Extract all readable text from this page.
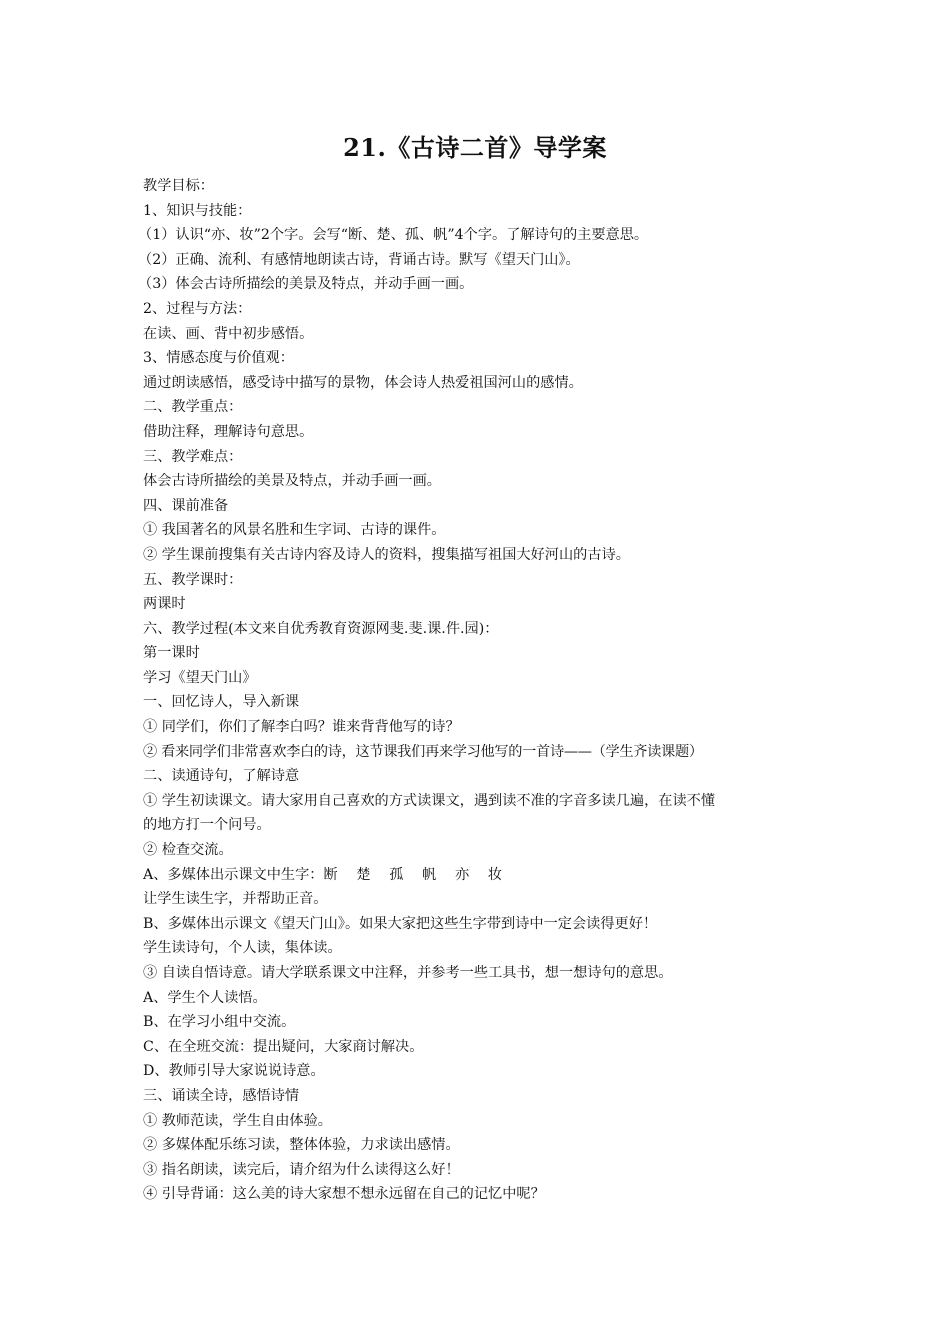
21.《古诗二首》导学案
教学目标：
1、知识与技能：
（1）认识“亦、妆”2个字。会写“断、楚、孤、帆”4个字。了解诗句的主要意思。
（2）正确、流利、有感情地朗读古诗，背诵古诗。默写《望天门山》。
（3）体会古诗所描绘的美景及特点，并动手画一画。
2、过程与方法：
在读、画、背中初步感悟。
3、情感态度与价值观：
通过朗读感悟，感受诗中描写的景物，体会诗人热爱祖国河山的感情。
二、教学重点：
借助注释，理解诗句意思。
三、教学难点：
体会古诗所描绘的美景及特点，并动手画一画。
四、课前准备
① 我国著名的风景名胜和生字词、古诗的课件。
② 学生课前搜集有关古诗内容及诗人的资料，搜集描写祖国大好河山的古诗。
五、教学课时：
两课时
六、教学过程(本文来自优秀教育资源网斐.斐.课.件.园)：
第一课时
学习《望天门山》
一、回忆诗人，导入新课
① 同学们，你们了解李白吗？谁来背背他写的诗？
② 看来同学们非常喜欢李白的诗，这节课我们再来学习他写的一首诗——（学生齐读课题）
二、读通诗句，了解诗意
① 学生初读课文。请大家用自己喜欢的方式读课文，遇到读不准的字音多读几遍，在读不懂
的地方打一个问号。
② 检查交流。
A、多媒体出示课文中生字：断　 楚　 孤　 帆　 亦　 妆
让学生读生字，并帮助正音。
B、多媒体出示课文《望天门山》。如果大家把这些生字带到诗中一定会读得更好！
学生读诗句，个人读，集体读。
③ 自读自悟诗意。请大学联系课文中注释，并参考一些工具书，想一想诗句的意思。
A、学生个人读悟。
B、在学习小组中交流。
C、在全班交流：提出疑问，大家商讨解决。
D、教师引导大家说说诗意。
三、诵读全诗，感悟诗情
① 教师范读，学生自由体验。
② 多媒体配乐练习读，整体体验，力求读出感情。
③ 指名朗读，读完后，请介绍为什么读得这么好！
④ 引导背诵：这么美的诗大家想不想永远留在自己的记忆中呢？
